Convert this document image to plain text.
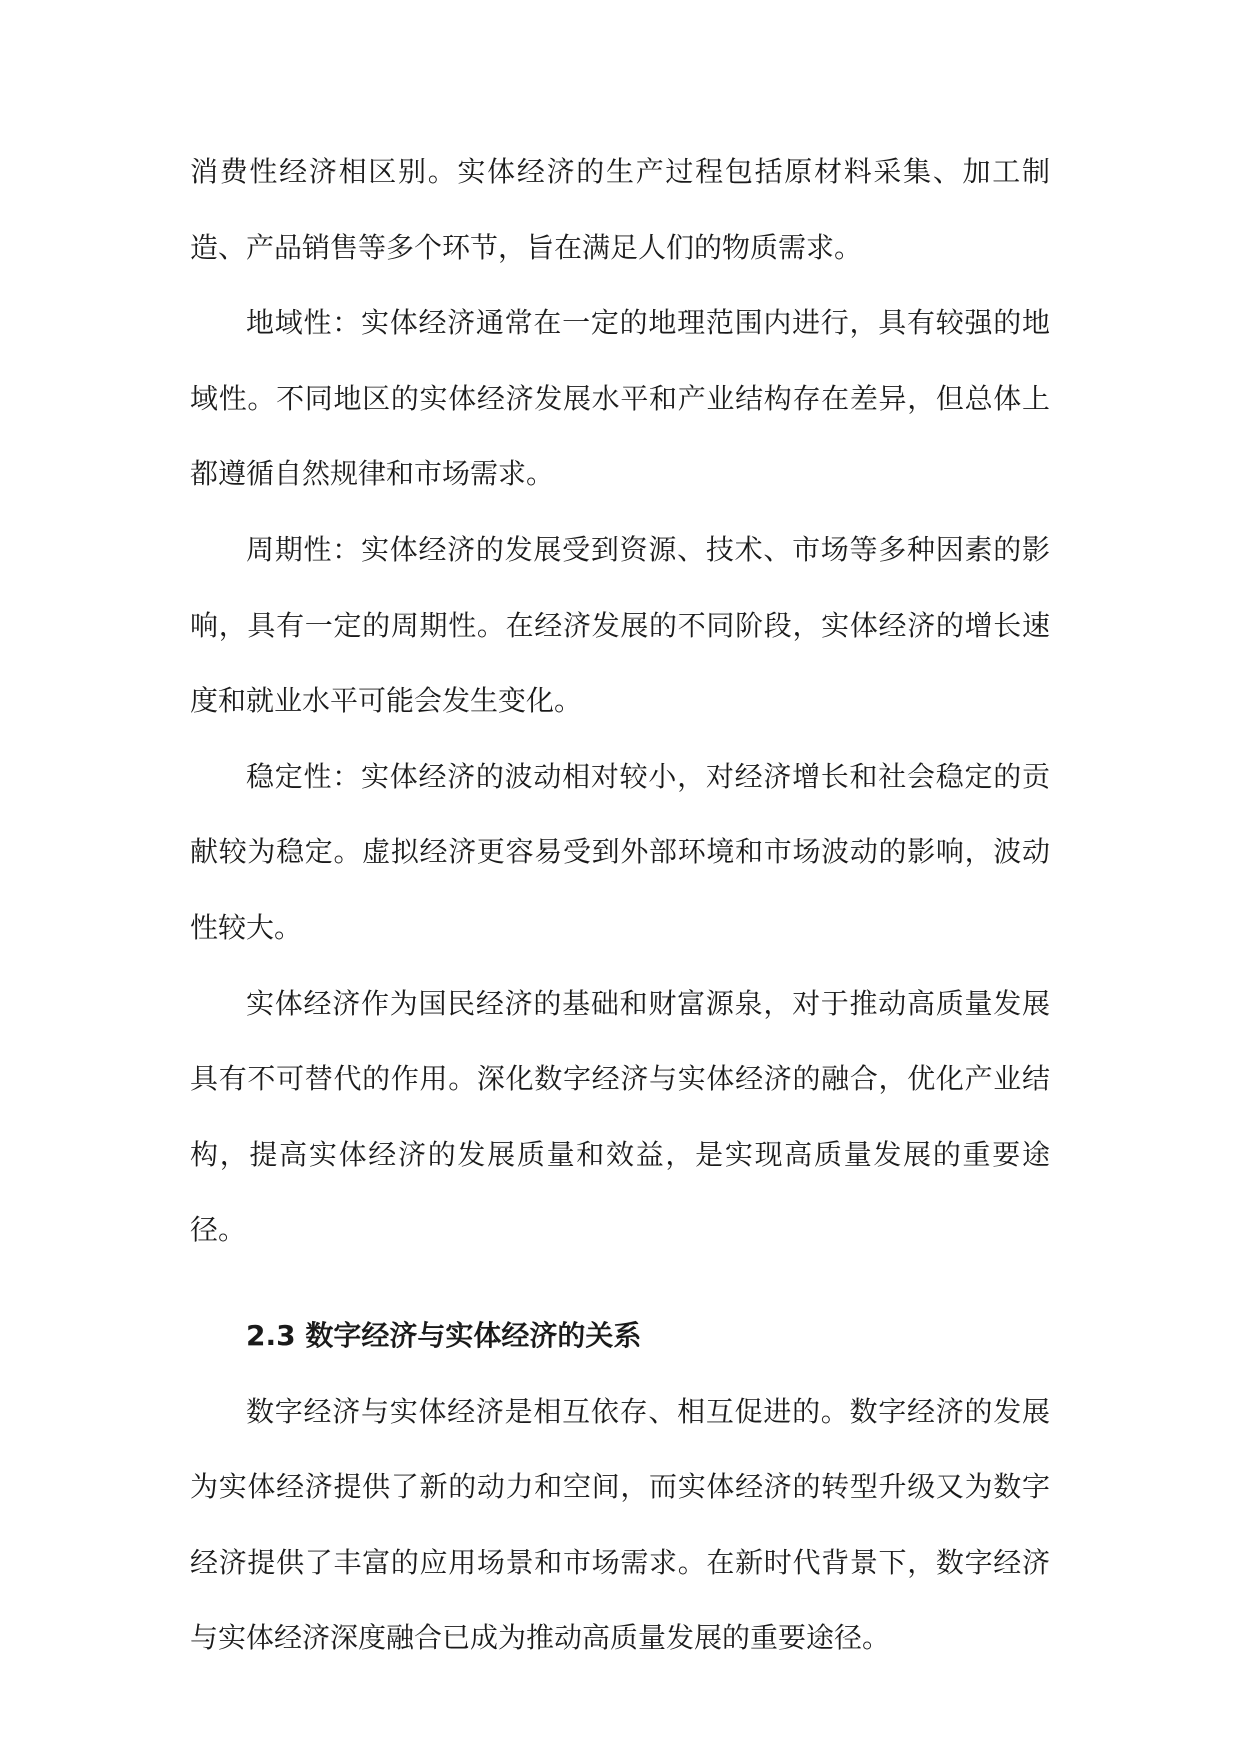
消费性经济相区别。实体经济的生产过程包括原材料采集、加工制造、产品销售等多个环节，旨在满足人们的物质需求。

地域性：实体经济通常在一定的地理范围内进行，具有较强的地域性。不同地区的实体经济发展水平和产业结构存在差异，但总体上都遵循自然规律和市场需求。

周期性：实体经济的发展受到资源、技术、市场等多种因素的影响，具有一定的周期性。在经济发展的不同阶段，实体经济的增长速度和就业水平可能会发生变化。

稳定性：实体经济的波动相对较小，对经济增长和社会稳定的贡献较为稳定。虚拟经济更容易受到外部环境和市场波动的影响，波动性较大。

实体经济作为国民经济的基础和财富源泉，对于推动高质量发展具有不可替代的作用。深化数字经济与实体经济的融合，优化产业结构，提高实体经济的发展质量和效益，是实现高质量发展的重要途径。

2.3 数字经济与实体经济的关系

数字经济与实体经济是相互依存、相互促进的。数字经济的发展为实体经济提供了新的动力和空间，而实体经济的转型升级又为数字经济提供了丰富的应用场景和市场需求。在新时代背景下，数字经济与实体经济深度融合已成为推动高质量发展的重要途径。
